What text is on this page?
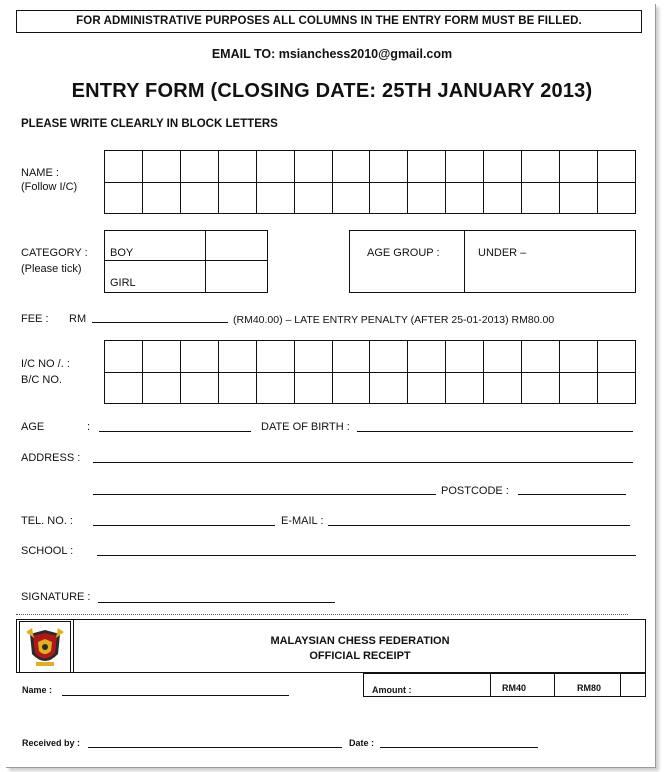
FOR ADMINISTRATIVE PURPOSES ALL COLUMNS IN THE ENTRY FORM MUST BE FILLED.
EMAIL TO: msianchess2010@gmail.com
ENTRY FORM (CLOSING DATE: 25TH JANUARY 2013)
PLEASE WRITE CLEARLY IN BLOCK LETTERS
NAME :
(Follow I/C)
CATEGORY :
(Please tick)
BOY
GIRL
AGE GROUP :	UNDER –
FEE : RM	(RM40.00) – LATE ENTRY PENALTY (AFTER 25-01-2013) RM80.00
I/C NO /. :
B/C NO.
AGE	:	DATE OF BIRTH :
ADDRESS :
POSTCODE :
TEL. NO. :	E-MAIL :
SCHOOL :
SIGNATURE :
MALAYSIAN CHESS FEDERATION
OFFICIAL RECEIPT
Name :	Amount :	RM40	RM80
Received by :	Date :
